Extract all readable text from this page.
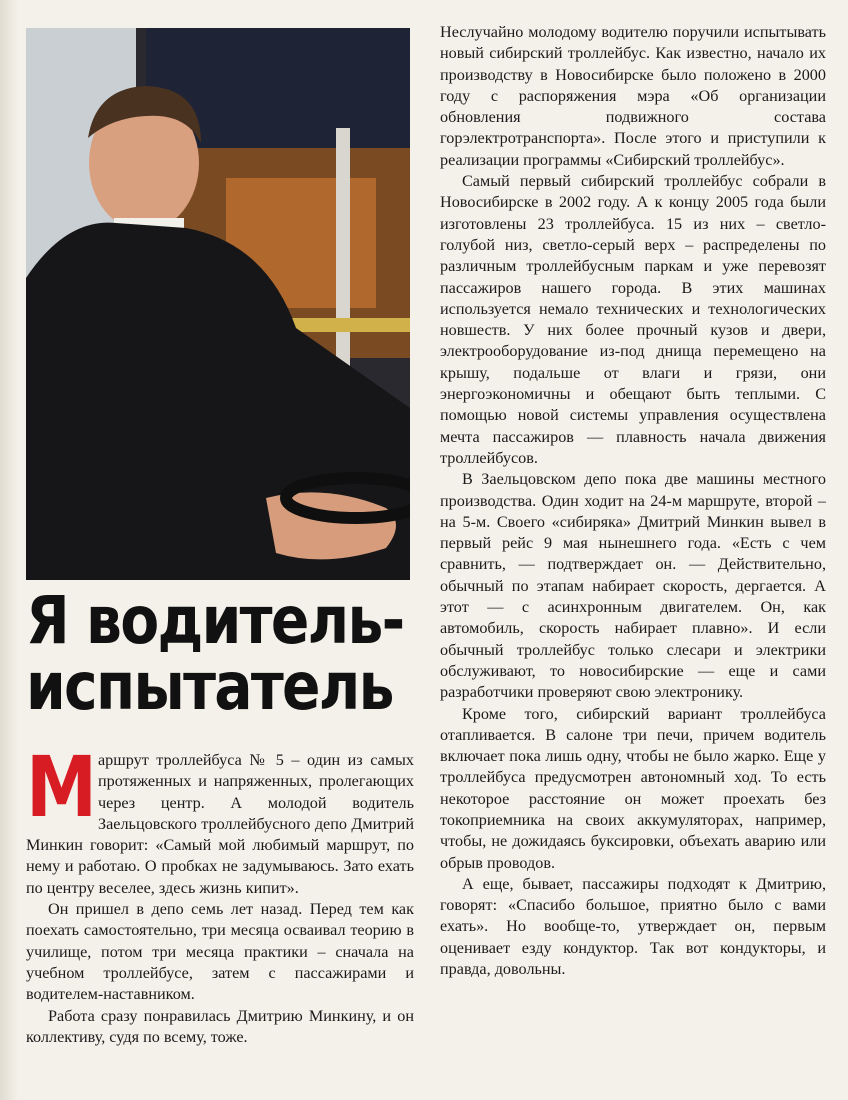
Я водитель-
испытатель
М аршрут троллейбуса № 5 – один из самых протяженных и напряженных, пролегающих через центр. А молодой водитель Заельцовского троллейбусного депо Дмитрий Минкин говорит: «Самый мой любимый маршрут, по нему и работаю. О пробках не задумываюсь. Зато ехать по центру веселее, здесь жизнь кипит».

Он пришел в депо семь лет назад. Перед тем как поехать самостоятельно, три месяца осваивал теорию в училище, потом три месяца практики – сначала на учебном троллейбусе, затем с пассажирами и водителем-наставником.

Работа сразу понравилась Дмитрию Минкину, и он коллективу, судя по всему, тоже.

Неслучайно молодому водителю поручили испытывать новый сибирский троллейбус. Как известно, начало их производству в Новосибирске было положено в 2000 году с распоряжения мэра «Об организации обновления подвижного состава горэлектротранспорта». После этого и приступили к реализации программы «Сибирский троллейбус».

Самый первый сибирский троллейбус собрали в Новосибирске в 2002 году. А к концу 2005 года были изготовлены 23 троллейбуса. 15 из них – светло-голубой низ, светло-серый верх – распределены по различным троллейбусным паркам и уже перевозят пассажиров нашего города. В этих машинах используется немало технических и технологических новшеств. У них более прочный кузов и двери, электрооборудование из-под днища перемещено на крышу, подальше от влаги и грязи, они энергоэкономичны и обещают быть теплыми. С помощью новой системы управления осуществлена мечта пассажиров — плавность начала движения троллейбусов.

В Заельцовском депо пока две машины местного производства. Один ходит на 24-м маршруте, второй – на 5-м. Своего «сибиряка» Дмитрий Минкин вывел в первый рейс 9 мая нынешнего года. «Есть с чем сравнить, — подтверждает он. — Действительно, обычный по этапам набирает скорость, дергается. А этот — с асинхронным двигателем. Он, как автомобиль, скорость набирает плавно». И если обычный троллейбус только слесари и электрики обслуживают, то новосибирские — еще и сами разработчики проверяют свою электронику.

Кроме того, сибирский вариант троллейбуса отапливается. В салоне три печи, причем водитель включает пока лишь одну, чтобы не было жарко. Еще у троллейбуса предусмотрен автономный ход. То есть некоторое расстояние он может проехать без токоприемника на своих аккумуляторах, например, чтобы, не дожидаясь буксировки, объехать аварию или обрыв проводов.

А еще, бывает, пассажиры подходят к Дмитрию, говорят: «Спасибо большое, приятно было с вами ехать». Но вообще-то, утверждает он, первым оценивает езду кондуктор. Так вот кондукторы, и правда, довольны.
